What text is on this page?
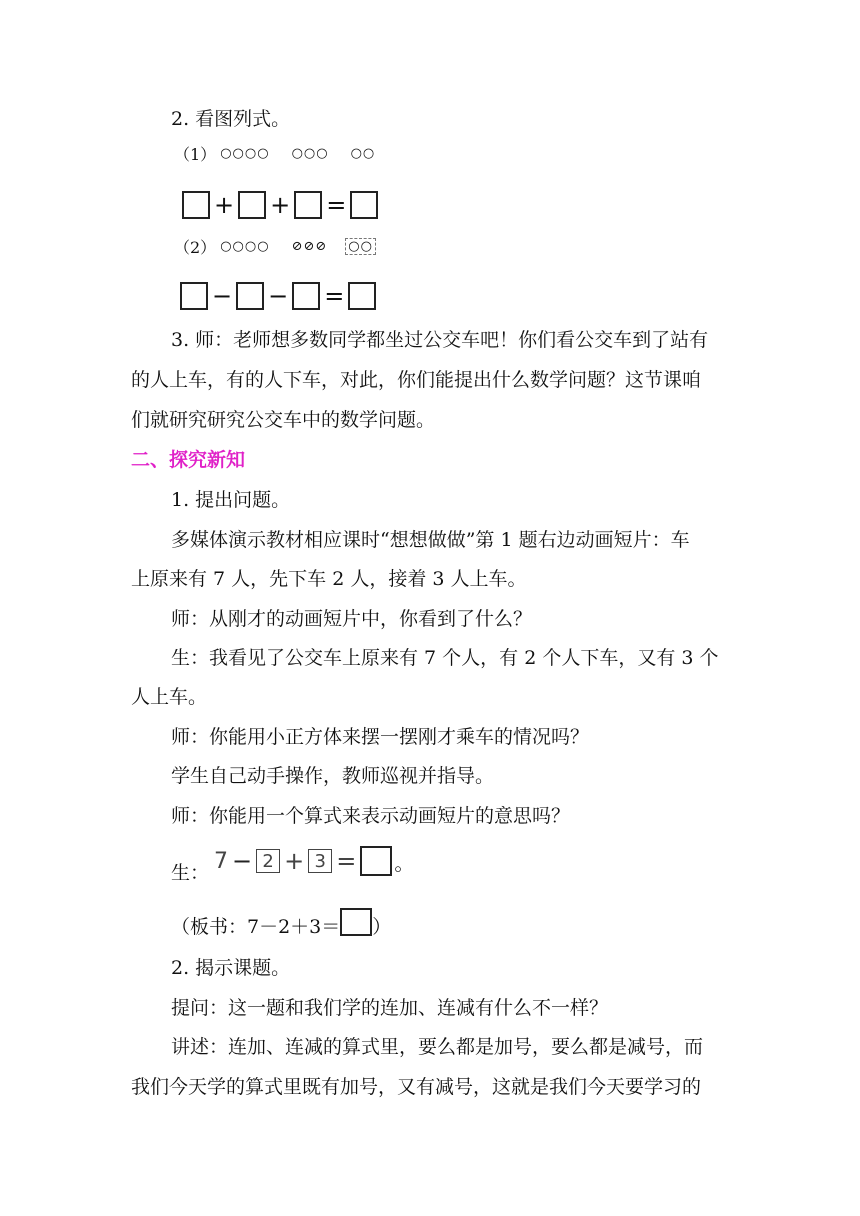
2. 看图列式。
（1） ○○○○ ○○○ ○○
+ + =
（2） ○○○○ ⊘⊘⊘ ○○
− − =
3. 师：老师想多数同学都坐过公交车吧！你们看公交车到了站有
的人上车，有的人下车，对此，你们能提出什么数学问题？这节课咱
们就研究研究公交车中的数学问题。
二、探究新知
1. 提出问题。
多媒体演示教材相应课时“想想做做”第 1 题右边动画短片：车
上原来有 7 人，先下车 2 人，接着 3 人上车。
师：从刚才的动画短片中，你看到了什么？
生：我看见了公交车上原来有 7 个人，有 2 个人下车，又有 3 个
人上车。
师：你能用小正方体来摆一摆刚才乘车的情况吗？
学生自己动手操作，教师巡视并指导。
师：你能用一个算式来表示动画短片的意思吗？
生： 7 − 2 + 3 = 。
（板书：7－2＋3＝ ）
2. 揭示课题。
提问：这一题和我们学的连加、连减有什么不一样？
讲述：连加、连减的算式里，要么都是加号，要么都是减号，而
我们今天学的算式里既有加号，又有减号，这就是我们今天要学习的
